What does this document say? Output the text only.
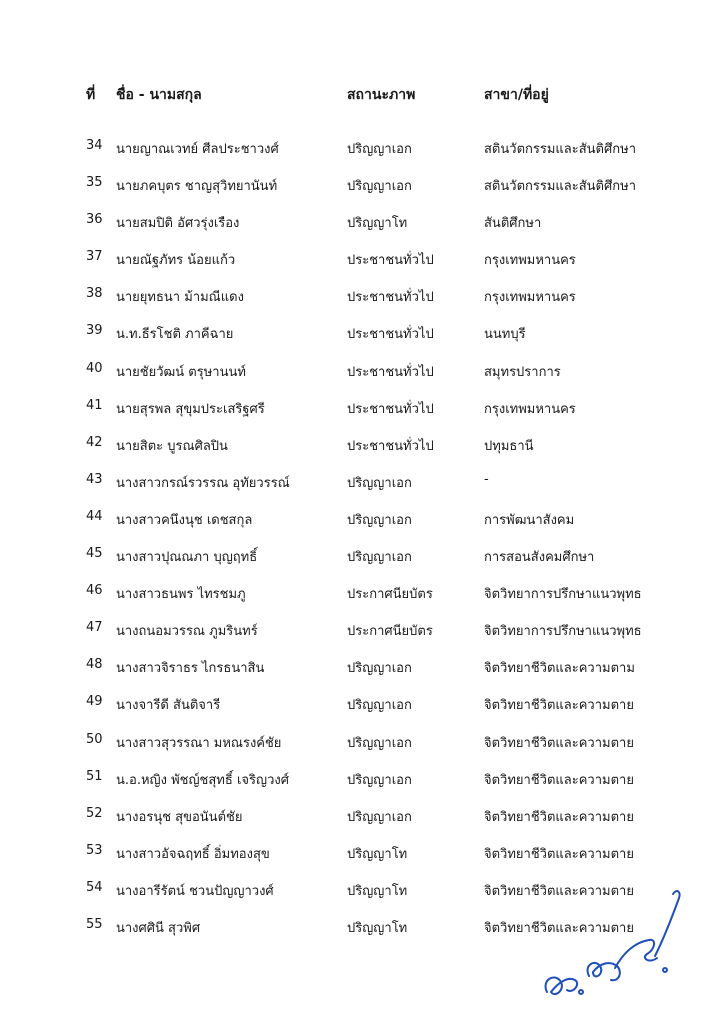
ที่ ชื่อ - นามสกุล	สถานะภาพ	สาขา/ที่อยู่
34 นายญาณเวทย์ ศีลประชาวงศ์	ปริญญาเอก	สตินวัตกรรมและสันติศึกษา
35 นายภคบุตร ชาญสุวิทยานันท์	ปริญญาเอก	สตินวัตกรรมและสันติศึกษา
36 นายสมปิติ อัศวรุ่งเรือง	ปริญญาโท	สันติศึกษา
37 นายณัฐภัทร น้อยแก้ว	ประชาชนทั่วไป	กรุงเทพมหานคร
38 นายยุทธนา ม้ามณีแดง	ประชาชนทั่วไป	กรุงเทพมหานคร
39 น.ท.ธีรโชติ ภาคีฉาย	ประชาชนทั่วไป	นนทบุรี
40 นายชัยวัฒน์ ตรุษานนท์	ประชาชนทั่วไป	สมุทรปราการ
41 นายสุรพล สุขุมประเสริฐศรี	ประชาชนทั่วไป	กรุงเทพมหานคร
42 นายสิตะ บูรณศิลปิน	ประชาชนทั่วไป	ปทุมธานี
43 นางสาวกรณ์รวรรณ อุทัยวรรณ์	ปริญญาเอก	-
44 นางสาวคนึงนุช เดชสกุล	ปริญญาเอก	การพัฒนาสังคม
45 นางสาวปุณณภา บุญฤทธิ์	ปริญญาเอก	การสอนสังคมศึกษา
46 นางสาวธนพร ไทรชมภู	ประกาศนียบัตร	จิตวิทยาการปรึกษาแนวพุทธ
47 นางถนอมวรรณ ภูมรินทร์	ประกาศนียบัตร	จิตวิทยาการปรึกษาแนวพุทธ
48 นางสาวจิราธร ไกรธนาสิน	ปริญญาเอก	จิตวิทยาชีวิตและความตาม
49 นางจารีดี สันติจารี	ปริญญาเอก	จิตวิทยาชีวิตและความตาย
50 นางสาวสุวรรณา มหณรงค์ชัย	ปริญญาเอก	จิตวิทยาชีวิตและความตาย
51 น.อ.หญิง พัชญ์ชสุทธิ์ เจริญวงศ์	ปริญญาเอก	จิตวิทยาชีวิตและความตาย
52 นางอรนุช สุขอนันต์ชัย	ปริญญาเอก	จิตวิทยาชีวิตและความตาย
53 นางสาวอัจฉฤทธิ์ อิ่มทองสุข	ปริญญาโท	จิตวิทยาชีวิตและความตาย
54 นางอารีรัตน์ ชวนปัญญาวงศ์	ปริญญาโท	จิตวิทยาชีวิตและความตาย
55 นางศศินี สุวพิศ	ปริญญาโท	จิตวิทยาชีวิตและความตาย
